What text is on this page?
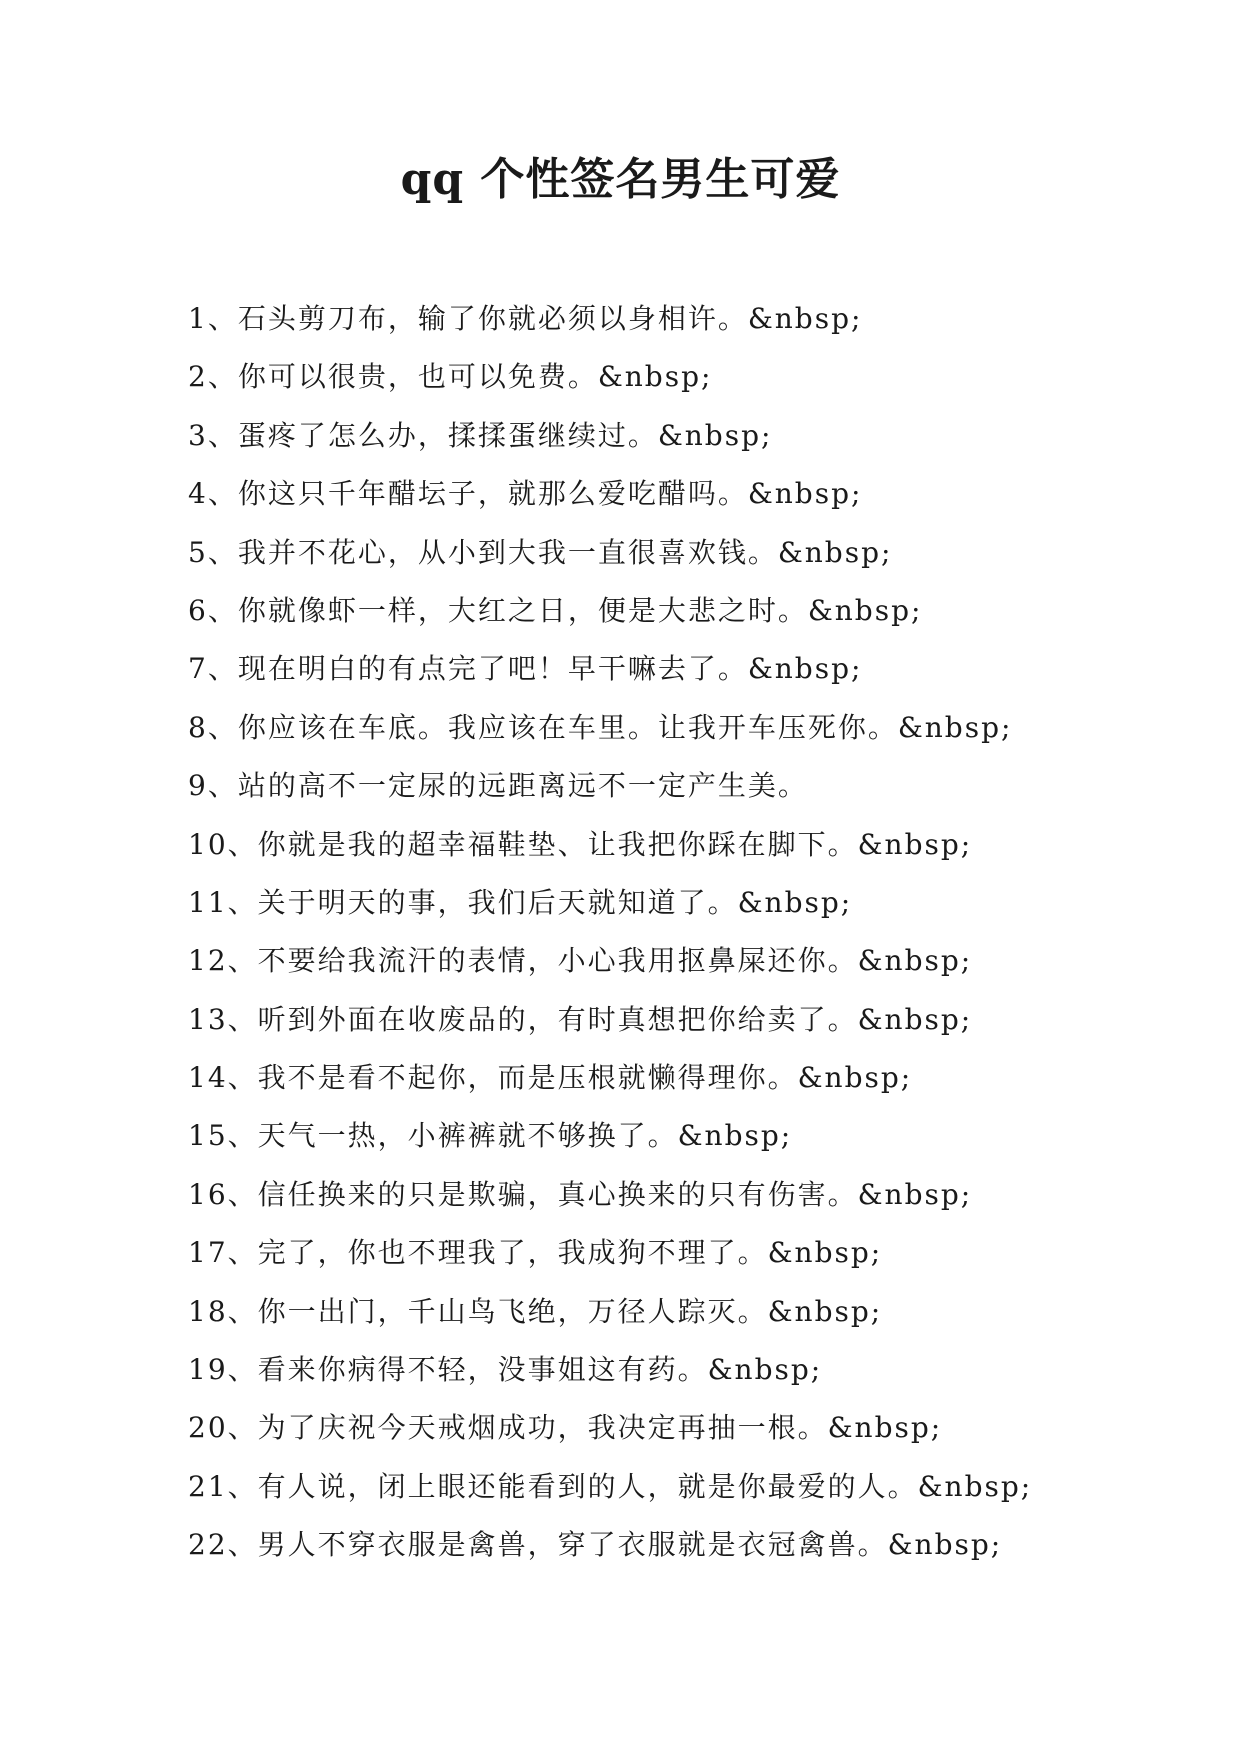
qq 个性签名男生可爱
1、石头剪刀布，输了你就必须以身相许。&nbsp;
2、你可以很贵，也可以免费。&nbsp;
3、蛋疼了怎么办，揉揉蛋继续过。&nbsp;
4、你这只千年醋坛子，就那么爱吃醋吗。&nbsp;
5、我并不花心，从小到大我一直很喜欢钱。&nbsp;
6、你就像虾一样，大红之日，便是大悲之时。&nbsp;
7、现在明白的有点完了吧！早干嘛去了。&nbsp;
8、你应该在车底。我应该在车里。让我开车压死你。&nbsp;
9、站的高不一定尿的远距离远不一定产生美。
10、你就是我的超幸福鞋垫、让我把你踩在脚下。&nbsp;
11、关于明天的事，我们后天就知道了。&nbsp;
12、不要给我流汗的表情，小心我用抠鼻屎还你。&nbsp;
13、听到外面在收废品的，有时真想把你给卖了。&nbsp;
14、我不是看不起你，而是压根就懒得理你。&nbsp;
15、天气一热，小裤裤就不够换了。&nbsp;
16、信任换来的只是欺骗，真心换来的只有伤害。&nbsp;
17、完了，你也不理我了，我成狗不理了。&nbsp;
18、你一出门，千山鸟飞绝，万径人踪灭。&nbsp;
19、看来你病得不轻，没事姐这有药。&nbsp;
20、为了庆祝今天戒烟成功，我决定再抽一根。&nbsp;
21、有人说，闭上眼还能看到的人，就是你最爱的人。&nbsp;
22、男人不穿衣服是禽兽，穿了衣服就是衣冠禽兽。&nbsp;
